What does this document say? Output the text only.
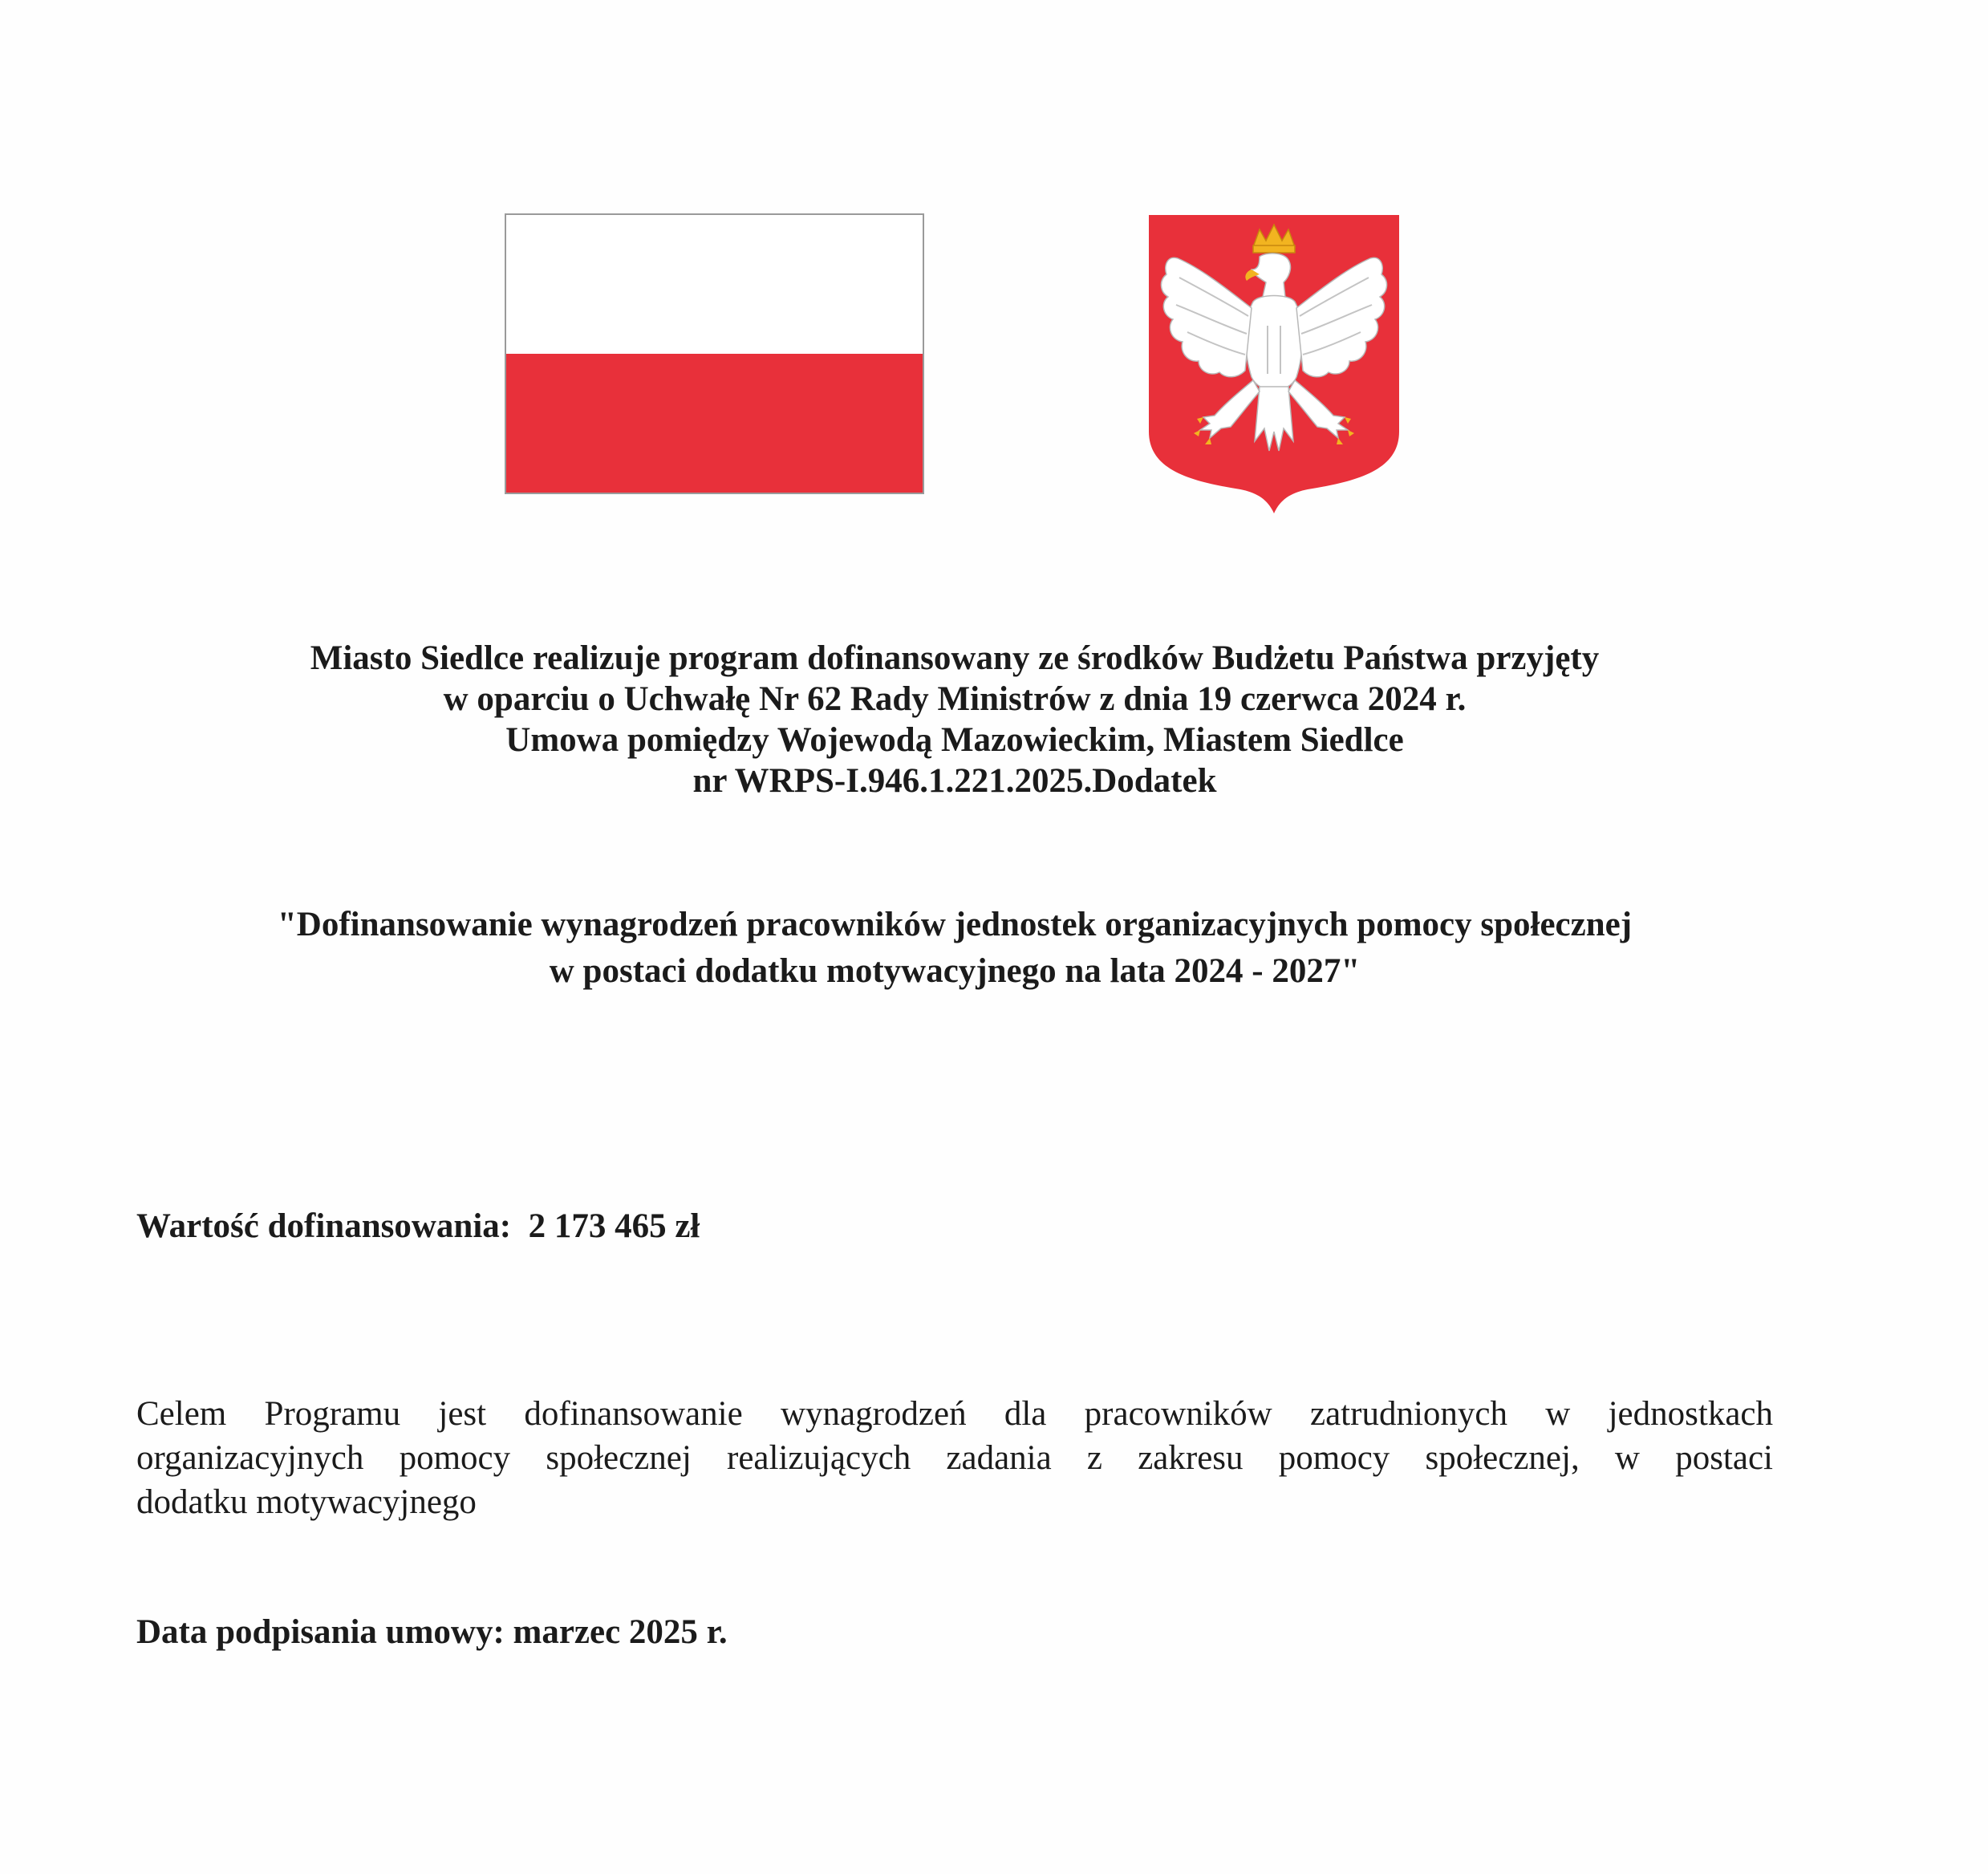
Miasto Siedlce realizuje program dofinansowany ze środków Budżetu Państwa przyjęty
w oparciu o Uchwałę Nr 62 Rady Ministrów z dnia 19 czerwca 2024 r.
Umowa pomiędzy Wojewodą Mazowieckim, Miastem Siedlce
nr WRPS-I.946.1.221.2025.Dodatek
"Dofinansowanie wynagrodzeń pracowników jednostek organizacyjnych pomocy społecznej
w postaci dodatku motywacyjnego na lata 2024 - 2027"
Wartość dofinansowania: 2 173 465 zł
Celem Programu jest dofinansowanie wynagrodzeń dla pracowników zatrudnionych w jednostkach
organizacyjnych pomocy społecznej realizujących zadania z zakresu pomocy społecznej, w postaci
dodatku motywacyjnego
Data podpisania umowy: marzec 2025 r.
